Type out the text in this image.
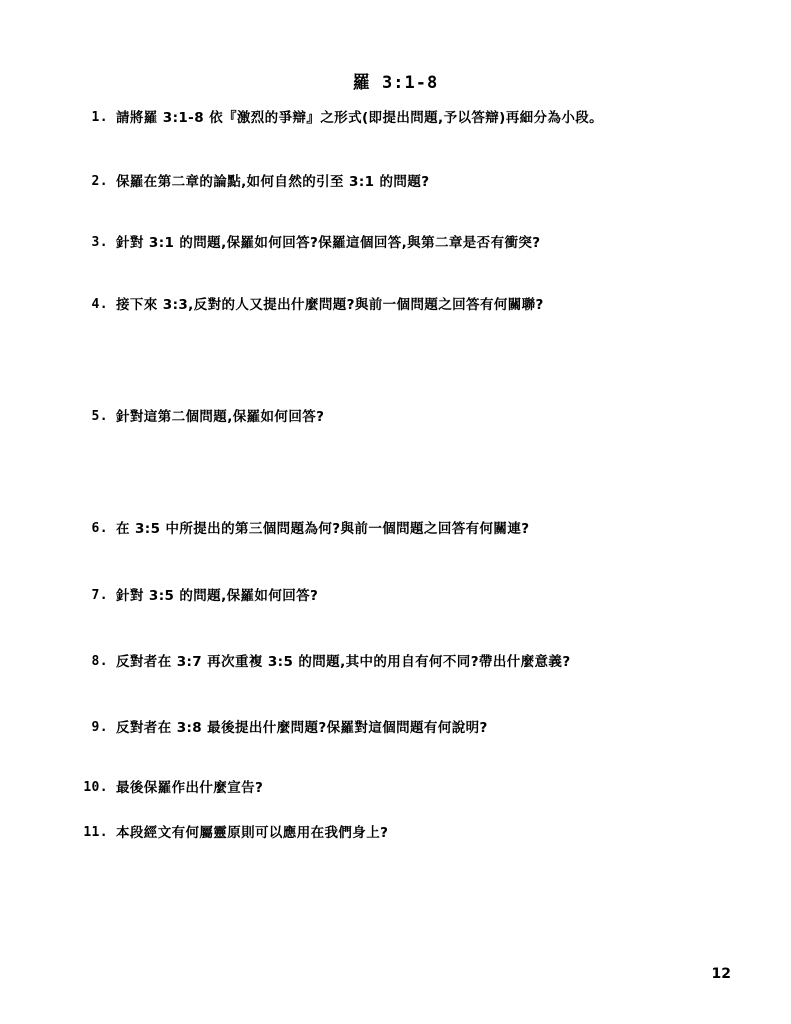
羅 3:1-8
1. 請將羅 3:1-8 依『激烈的爭辯』之形式(即提出問題,予以答辯)再細分為小段。
2. 保羅在第二章的論點,如何自然的引至 3:1 的問題?
3. 針對 3:1 的問題,保羅如何回答?保羅這個回答,與第二章是否有衝突?
4. 接下來 3:3,反對的人又提出什麼問題?與前一個問題之回答有何關聯?
5. 針對這第二個問題,保羅如何回答?
6. 在 3:5 中所提出的第三個問題為何?與前一個問題之回答有何關連?
7. 針對 3:5 的問題,保羅如何回答?
8. 反對者在 3:7 再次重複 3:5 的問題,其中的用自有何不同?帶出什麼意義?
9. 反對者在 3:8 最後提出什麼問題?保羅對這個問題有何說明?
10. 最後保羅作出什麼宣告?
11. 本段經文有何屬靈原則可以應用在我們身上?
12
